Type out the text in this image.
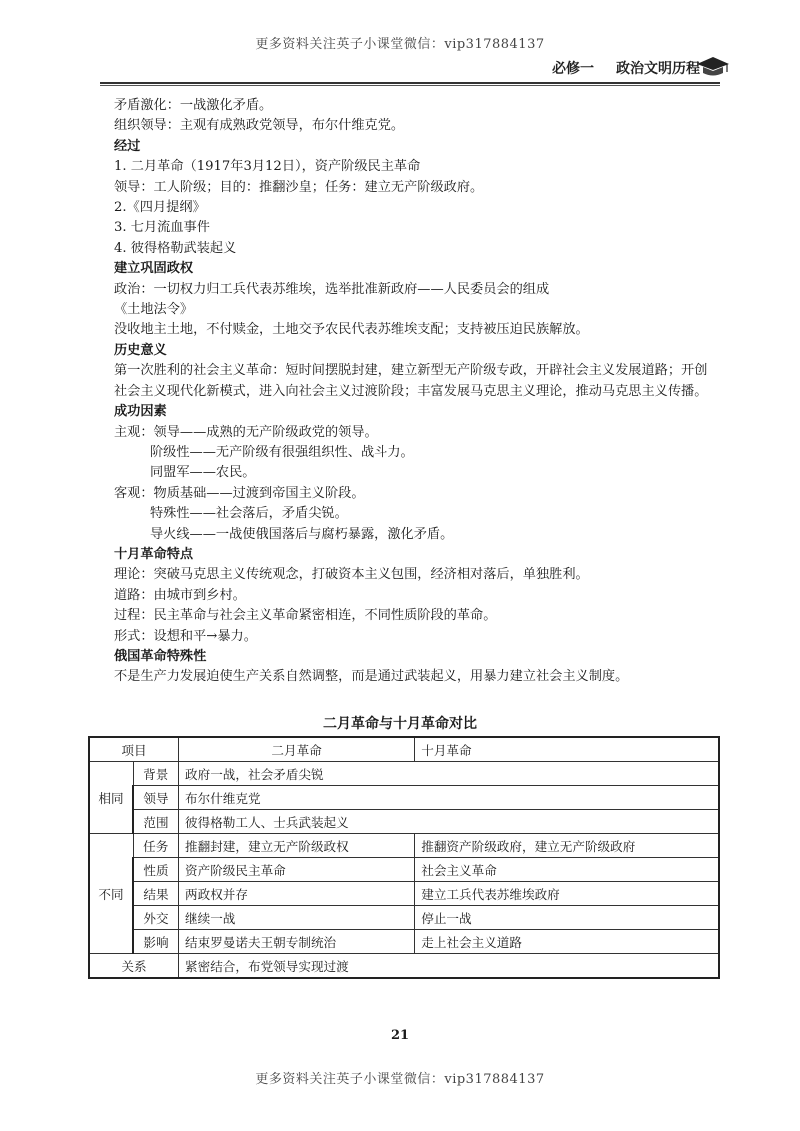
更多资料关注英子小课堂微信：vip317884137
必修一 政治文明历程

矛盾激化：一战激化矛盾。

组织领导：主观有成熟政党领导，布尔什维克党。

经过

1. 二月革命（1917年3月12日），资产阶级民主革命

领导：工人阶级；目的：推翻沙皇；任务：建立无产阶级政府。

2.《四月提纲》

3. 七月流血事件

4. 彼得格勒武装起义

建立巩固政权

政治：一切权力归工兵代表苏维埃，选举批准新政府——人民委员会的组成

《土地法令》

没收地主土地，不付赎金，土地交予农民代表苏维埃支配；支持被压迫民族解放。

历史意义

第一次胜利的社会主义革命：短时间摆脱封建，建立新型无产阶级专政，开辟社会主义发展道路；开创社会主义现代化新模式，进入向社会主义过渡阶段；丰富发展马克思主义理论，推动马克思主义传播。

成功因素

主观：领导——成熟的无产阶级政党的领导。

阶级性——无产阶级有很强组织性、战斗力。

同盟军——农民。

客观：物质基础——过渡到帝国主义阶段。

特殊性——社会落后，矛盾尖锐。

导火线——一战使俄国落后与腐朽暴露，激化矛盾。

十月革命特点

理论：突破马克思主义传统观念，打破资本主义包围，经济相对落后，单独胜利。

道路：由城市到乡村。

过程：民主革命与社会主义革命紧密相连，不同性质阶段的革命。

形式：设想和平→暴力。

俄国革命特殊性

不是生产力发展迫使生产关系自然调整，而是通过武装起义，用暴力建立社会主义制度。

二月革命与十月革命对比
项目		二月革命	十月革命
相同	背景	政府一战，社会矛盾尖锐	
	领导	布尔什维克党	
	范围	彼得格勒工人、士兵武装起义	
不同	任务	推翻封建，建立无产阶级政权	推翻资产阶级政府，建立无产阶级政府
	性质	资产阶级民主革命	社会主义革命
	结果	两政权并存	建立工兵代表苏维埃政府
	外交	继续一战	停止一战
	影响	结束罗曼诺夫王朝专制统治	走上社会主义道路
关系		紧密结合，布党领导实现过渡	
21
更多资料关注英子小课堂微信：vip317884137
